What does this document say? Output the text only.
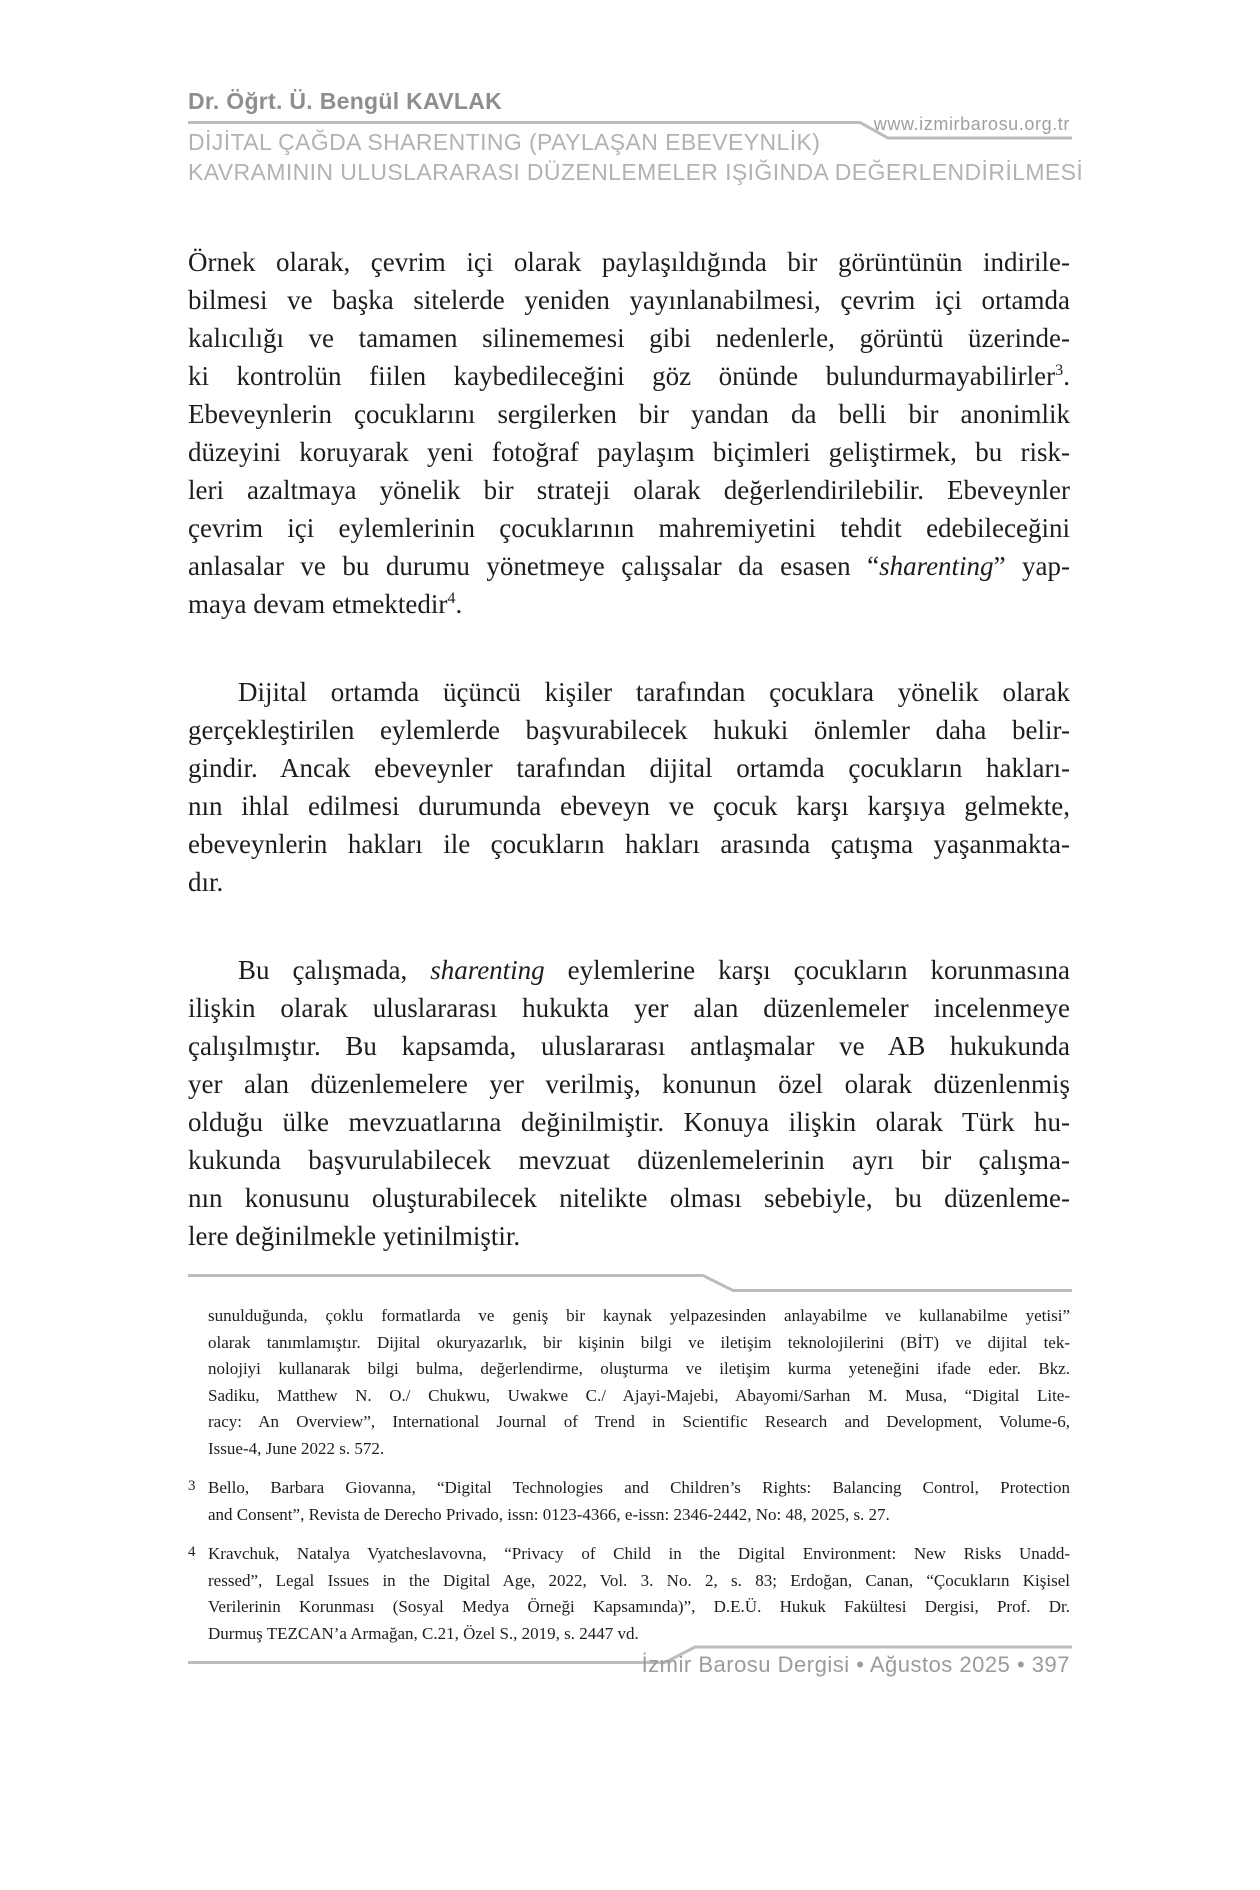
Dr. Öğrt. Ü. Bengül KAVLAK
www.izmirbarosu.org.tr
DİJİTAL ÇAĞDA SHARENTING (PAYLAŞAN EBEVEYNLİK)
KAVRAMININ ULUSLARARASI DÜZENLEMELER IŞIĞINDA DEĞERLENDİRİLMESİ
Örnek olarak, çevrim içi olarak paylaşıldığında bir görüntünün indirile-
bilmesi ve başka sitelerde yeniden yayınlanabilmesi, çevrim içi ortamda
kalıcılığı ve tamamen silinememesi gibi nedenlerle, görüntü üzerinde-
ki kontrolün fiilen kaybedileceğini göz önünde bulundurmayabilirler$^3$.
Ebeveynlerin çocuklarını sergilerken bir yandan da belli bir anonimlik
düzeyini koruyarak yeni fotoğraf paylaşım biçimleri geliştirmek, bu risk-
leri azaltmaya yönelik bir strateji olarak değerlendirilebilir. Ebeveynler
çevrim içi eylemlerinin çocuklarının mahremiyetini tehdit edebileceğini
anlasalar ve bu durumu yönetmeye çalışsalar da esasen “sharenting” yap-
maya devam etmektedir$^4$.
Dijital ortamda üçüncü kişiler tarafından çocuklara yönelik olarak
gerçekleştirilen eylemlerde başvurabilecek hukuki önlemler daha belir-
gindir. Ancak ebeveynler tarafından dijital ortamda çocukların hakları-
nın ihlal edilmesi durumunda ebeveyn ve çocuk karşı karşıya gelmekte,
ebeveynlerin hakları ile çocukların hakları arasında çatışma yaşanmakta-
dır.
Bu çalışmada, sharenting eylemlerine karşı çocukların korunmasına
ilişkin olarak uluslararası hukukta yer alan düzenlemeler incelenmeye
çalışılmıştır. Bu kapsamda, uluslararası antlaşmalar ve AB hukukunda
yer alan düzenlemelere yer verilmiş, konunun özel olarak düzenlenmiş
olduğu ülke mevzuatlarına değinilmiştir. Konuya ilişkin olarak Türk hu-
kukunda başvurulabilecek mevzuat düzenlemelerinin ayrı bir çalışma-
nın konusunu oluşturabilecek nitelikte olması sebebiyle, bu düzenleme-
lere değinilmekle yetinilmiştir.
sunulduğunda, çoklu formatlarda ve geniş bir kaynak yelpazesinden anlayabilme ve kullanabilme yetisi”
olarak tanımlamıştır. Dijital okuryazarlık, bir kişinin bilgi ve iletişim teknolojilerini (BİT) ve dijital tek-
nolojiyi kullanarak bilgi bulma, değerlendirme, oluşturma ve iletişim kurma yeteneğini ifade eder. Bkz.
Sadiku, Matthew N. O./ Chukwu, Uwakwe C./ Ajayi-Majebi, Abayomi/Sarhan M. Musa, “Digital Lite-
racy: An Overview”, International Journal of Trend in Scientific Research and Development, Volume-6,
Issue-4, June 2022 s. 572.
3 Bello, Barbara Giovanna, “Digital Technologies and Children’s Rights: Balancing Control, Protection
and Consent”, Revista de Derecho Privado, issn: 0123-4366, e-issn: 2346-2442, No: 48, 2025, s. 27.
4 Kravchuk, Natalya Vyatcheslavovna, “Privacy of Child in the Digital Environment: New Risks Unadd-
ressed”, Legal Issues in the Digital Age, 2022, Vol. 3. No. 2, s. 83; Erdoğan, Canan, “Çocukların Kişisel
Verilerinin Korunması (Sosyal Medya Örneği Kapsamında)”, D.E.Ü. Hukuk Fakültesi Dergisi, Prof. Dr.
Durmuş TEZCAN’a Armağan, C.21, Özel S., 2019, s. 2447 vd.
İzmir Barosu Dergisi • Ağustos 2025 • 397
